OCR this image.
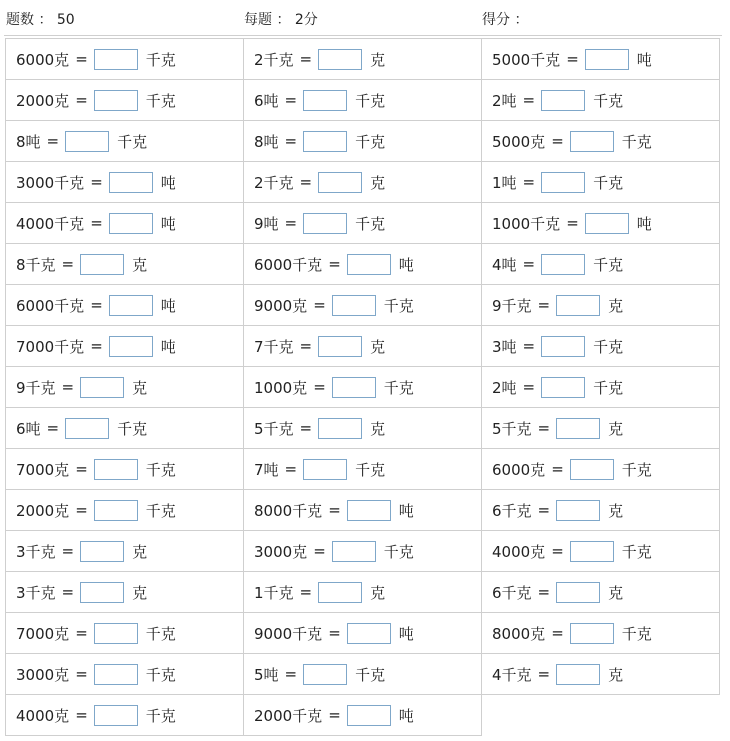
题数 ： 50	每题 ： 2分	得分 ：
6000克 =	千克	2千克 =	克	5000千克 =	吨
2000克 =	千克	6吨 =	千克	2吨 =	千克
8吨 =	千克	8吨 =	千克	5000克 =	千克
3000千克 =	吨	2千克 =	克	1吨 =	千克
4000千克 =	吨	9吨 =	千克	1000千克 =	吨
8千克 =	克	6000千克 =	吨	4吨 =	千克
6000千克 =	吨	9000克 =	千克	9千克 =	克
7000千克 =	吨	7千克 =	克	3吨 =	千克
9千克 =	克	1000克 =	千克	2吨 =	千克
6吨 =	千克	5千克 =	克	5千克 =	克
7000克 =	千克	7吨 =	千克	6000克 =	千克
2000克 =	千克	8000千克 =	吨	6千克 =	克
3千克 =	克	3000克 =	千克	4000克 =	千克
3千克 =	克	1千克 =	克	6千克 =	克
7000克 =	千克	9000千克 =	吨	8000克 =	千克
3000克 =	千克	5吨 =	千克	4千克 =	克
4000克 =	千克	2000千克 =	吨
